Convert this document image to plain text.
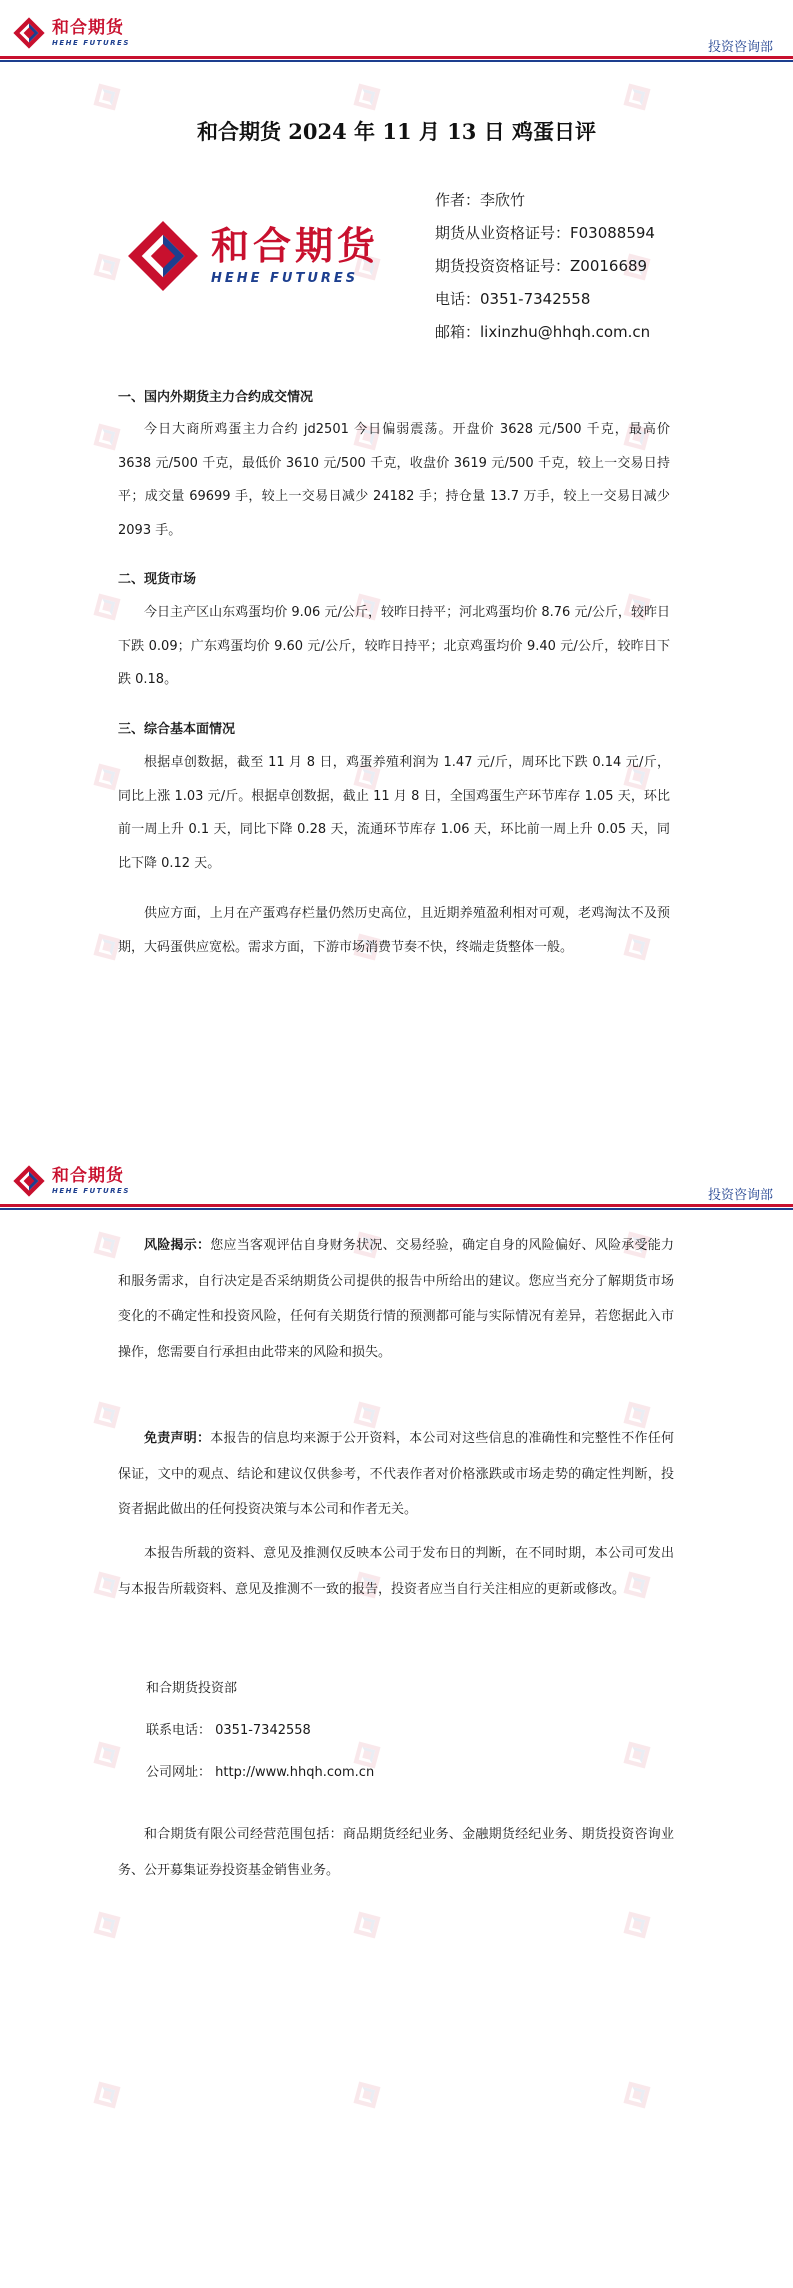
和合期货
HEHE FUTURES	投资咨询部
和合期货 2024 年 11 月 13 日 鸡蛋日评
和合期货
HEHE FUTURES
作者：李欣竹
期货从业资格证号：F03088594
期货投资资格证号：Z0016689
电话：0351-7342558
邮箱：lixinzhu@hhqh.com.cn
一、国内外期货主力合约成交情况
今日大商所鸡蛋主力合约 jd2501 今日偏弱震荡。开盘价 3628 元/500 千克，最高价 3638 元/500 千克，最低价 3610 元/500 千克，收盘价 3619 元/500 千克，较上一交易日持平；成交量 69699 手，较上一交易日减少 24182 手；持仓量 13.7 万手，较上一交易日减少 2093 手。
二、现货市场
今日主产区山东鸡蛋均价 9.06 元/公斤，较昨日持平；河北鸡蛋均价 8.76 元/公斤，较昨日下跌 0.09；广东鸡蛋均价 9.60 元/公斤，较昨日持平；北京鸡蛋均价 9.40 元/公斤，较昨日下跌 0.18。
三、综合基本面情况
根据卓创数据，截至 11 月 8 日，鸡蛋养殖利润为 1.47 元/斤，周环比下跌 0.14 元/斤，同比上涨 1.03 元/斤。根据卓创数据，截止 11 月 8 日，全国鸡蛋生产环节库存 1.05 天，环比前一周上升 0.1 天，同比下降 0.28 天，流通环节库存 1.06 天，环比前一周上升 0.05 天，同比下降 0.12 天。
供应方面，上月在产蛋鸡存栏量仍然历史高位，且近期养殖盈利相对可观，老鸡淘汰不及预期，大码蛋供应宽松。需求方面，下游市场消费节奏不快，终端走货整体一般。
和合期货
HEHE FUTURES	投资咨询部
风险揭示：您应当客观评估自身财务状况、交易经验，确定自身的风险偏好、风险承受能力和服务需求，自行决定是否采纳期货公司提供的报告中所给出的建议。您应当充分了解期货市场变化的不确定性和投资风险，任何有关期货行情的预测都可能与实际情况有差异，若您据此入市操作，您需要自行承担由此带来的风险和损失。
免责声明：本报告的信息均来源于公开资料，本公司对这些信息的准确性和完整性不作任何保证，文中的观点、结论和建议仅供参考，不代表作者对价格涨跌或市场走势的确定性判断，投资者据此做出的任何投资决策与本公司和作者无关。
本报告所载的资料、意见及推测仅反映本公司于发布日的判断，在不同时期，本公司可发出与本报告所载资料、意见及推测不一致的报告，投资者应当自行关注相应的更新或修改。
和合期货投资部
联系电话： 0351-7342558
公司网址： http://www.hhqh.com.cn
和合期货有限公司经营范围包括：商品期货经纪业务、金融期货经纪业务、期货投资咨询业务、公开募集证券投资基金销售业务。
